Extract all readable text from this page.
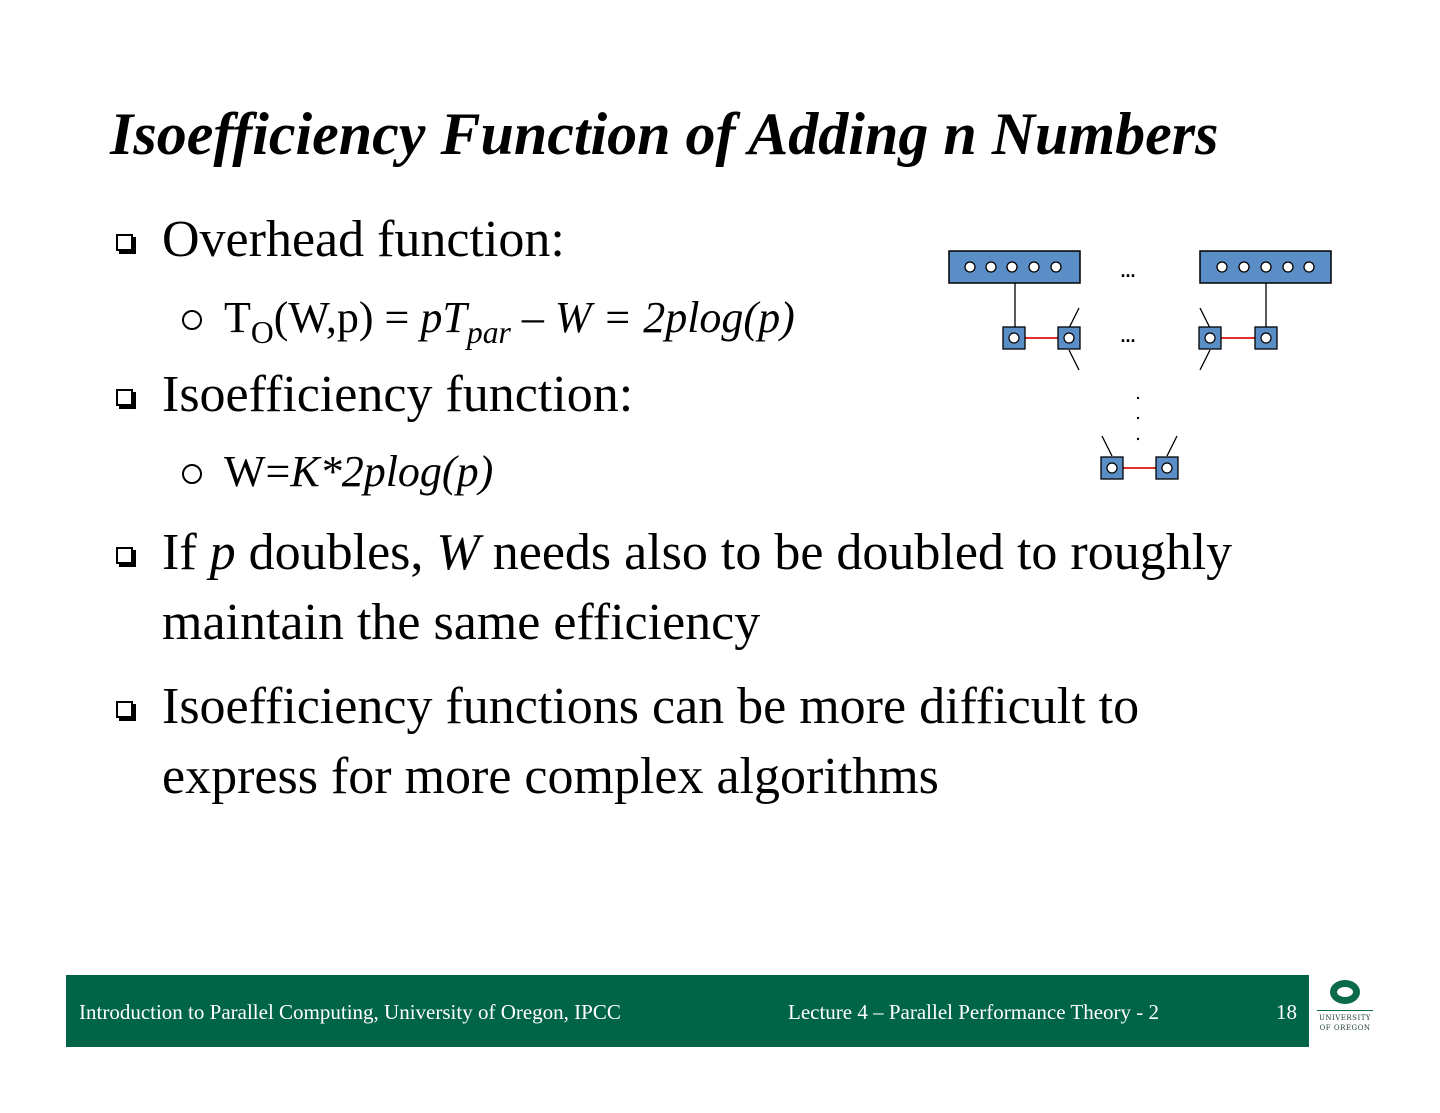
Isoefficiency Function of Adding n Numbers
Overhead function:
$T_O(W,p) = pT_{par} - W = 2plog(p)$
Isoefficiency function:
W=K*2plog(p)
If p doubles, W needs also to be doubled to roughly
maintain the same efficiency
Isoefficiency functions can be more difficult to
express for more complex algorithms
...
...
Introduction to Parallel Computing, University of Oregon, IPCC	Lecture 4 – Parallel Performance Theory - 2	18	UNIVERSITY
OF OREGON
